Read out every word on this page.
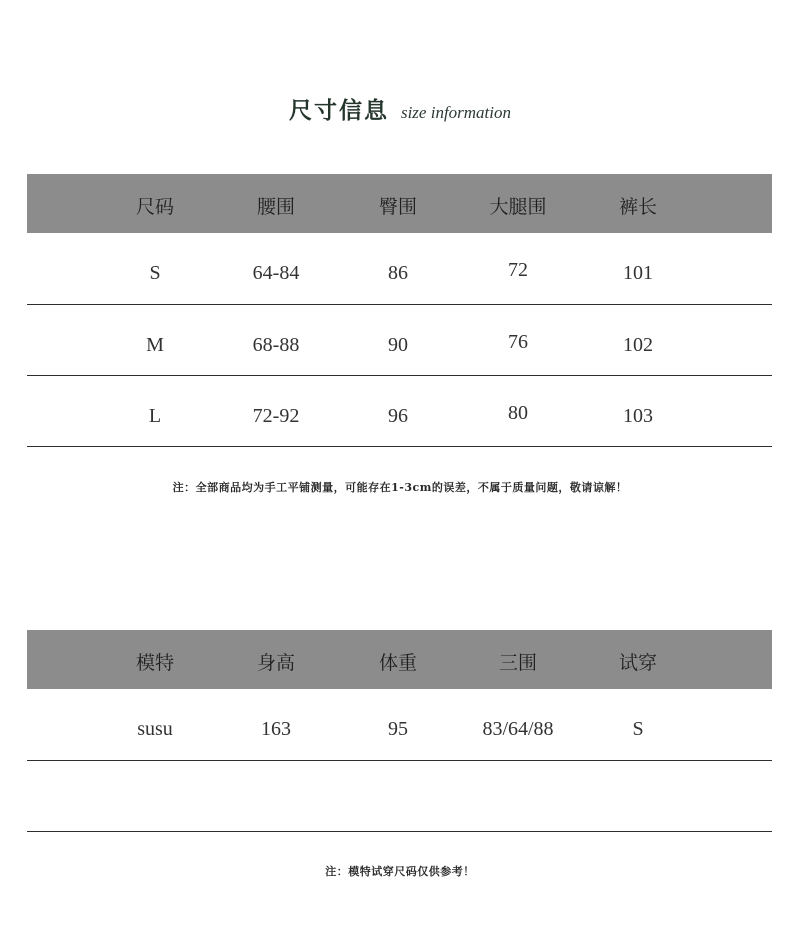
尺寸信息 size information
尺码	腰围	臀围	大腿围	裤长
S	64-84	86	72	101
M	68-88	90	76	102
L	72-92	96	80	103
注：全部商品均为手工平铺测量，可能存在1-3cm的误差，不属于质量问题，敬请谅解！
模特	身高	体重	三围	试穿
susu	163	95	83/64/88	S
注：模特试穿尺码仅供参考！
